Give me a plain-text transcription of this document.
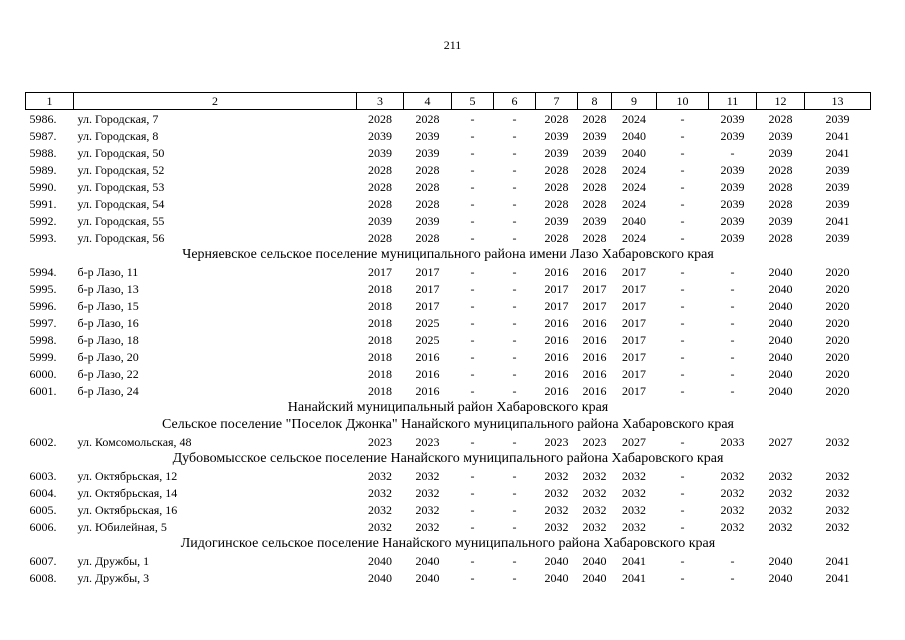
211
1	2	3	4	5	6	7	8	9	10	11	12	13
5986.	ул. Городская, 7	2028	2028	-	-	2028	2028	2024	-	2039	2028	2039
5987.	ул. Городская, 8	2039	2039	-	-	2039	2039	2040	-	2039	2039	2041
5988.	ул. Городская, 50	2039	2039	-	-	2039	2039	2040	-	-	2039	2041
5989.	ул. Городская, 52	2028	2028	-	-	2028	2028	2024	-	2039	2028	2039
5990.	ул. Городская, 53	2028	2028	-	-	2028	2028	2024	-	2039	2028	2039
5991.	ул. Городская, 54	2028	2028	-	-	2028	2028	2024	-	2039	2028	2039
5992.	ул. Городская, 55	2039	2039	-	-	2039	2039	2040	-	2039	2039	2041
5993.	ул. Городская, 56	2028	2028	-	-	2028	2028	2024	-	2039	2028	2039
Черняевское сельское поселение муниципального района имени Лазо Хабаровского края												
5994.	б-р Лазо, 11	2017	2017	-	-	2016	2016	2017	-	-	2040	2020
5995.	б-р Лазо, 13	2018	2017	-	-	2017	2017	2017	-	-	2040	2020
5996.	б-р Лазо, 15	2018	2017	-	-	2017	2017	2017	-	-	2040	2020
5997.	б-р Лазо, 16	2018	2025	-	-	2016	2016	2017	-	-	2040	2020
5998.	б-р Лазо, 18	2018	2025	-	-	2016	2016	2017	-	-	2040	2020
5999.	б-р Лазо, 20	2018	2016	-	-	2016	2016	2017	-	-	2040	2020
6000.	б-р Лазо, 22	2018	2016	-	-	2016	2016	2017	-	-	2040	2020
6001.	б-р Лазо, 24	2018	2016	-	-	2016	2016	2017	-	-	2040	2020
Нанайский муниципальный район Хабаровского края												
Сельское поселение "Поселок Джонка" Нанайского муниципального района Хабаровского края												
6002.	ул. Комсомольская, 48	2023	2023	-	-	2023	2023	2027	-	2033	2027	2032
Дубовомысское сельское поселение Нанайского муниципального района Хабаровского края												
6003.	ул. Октябрьская, 12	2032	2032	-	-	2032	2032	2032	-	2032	2032	2032
6004.	ул. Октябрьская, 14	2032	2032	-	-	2032	2032	2032	-	2032	2032	2032
6005.	ул. Октябрьская, 16	2032	2032	-	-	2032	2032	2032	-	2032	2032	2032
6006.	ул. Юбилейная, 5	2032	2032	-	-	2032	2032	2032	-	2032	2032	2032
Лидогинское сельское поселение Нанайского муниципального района Хабаровского края												
6007.	ул. Дружбы, 1	2040	2040	-	-	2040	2040	2041	-	-	2040	2041
6008.	ул. Дружбы, 3	2040	2040	-	-	2040	2040	2041	-	-	2040	2041
